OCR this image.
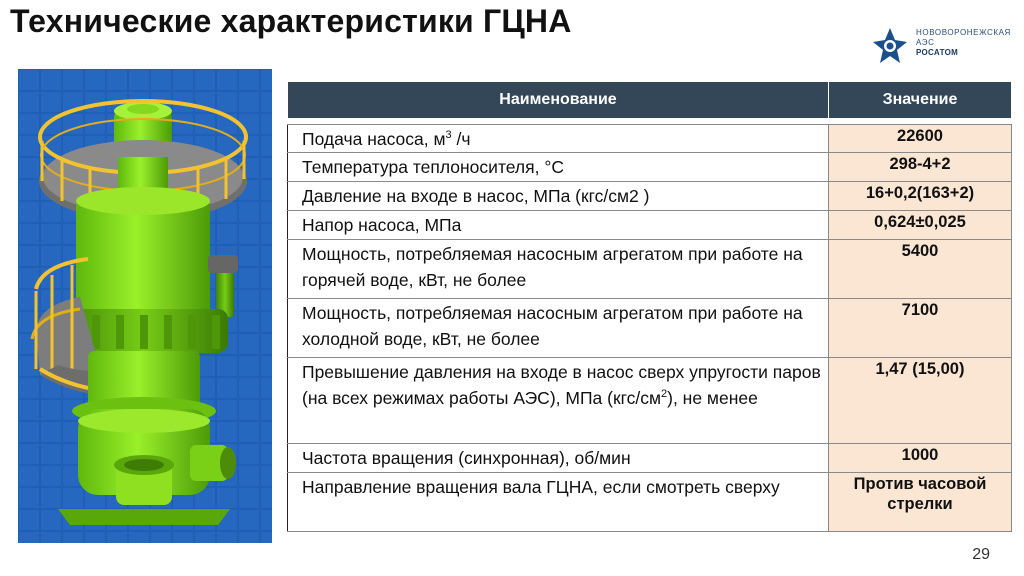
Технические характеристики ГЦНА	НОВОВОРОНЕЖСКАЯ
АЭС
РОСАТОМ
Наименование	Значение

Подача насоса, $м^3$ /ч	22600
Температура теплоносителя, °С	298-4+2
Давление на входе в насос, МПа (кгс/см2 )	16+0,2(163+2)
Напор насоса, МПа	0,624±0,025
Мощность, потребляемая насосным агрегатом при работе на горячей воде, кВт, не более	5400
Мощность, потребляемая насосным агрегатом при работе на холодной воде, кВт, не более	7100
Превышение давления на входе в насос сверх упругости паров (на всех режимах работы АЭС), МПа $(кгс/см^2)$, не менее	1,47 (15,00)
Частота вращения (синхронная), об/мин	1000
Направление вращения вала ГЦНА, если смотреть сверху	Против часовой стрелки
29
